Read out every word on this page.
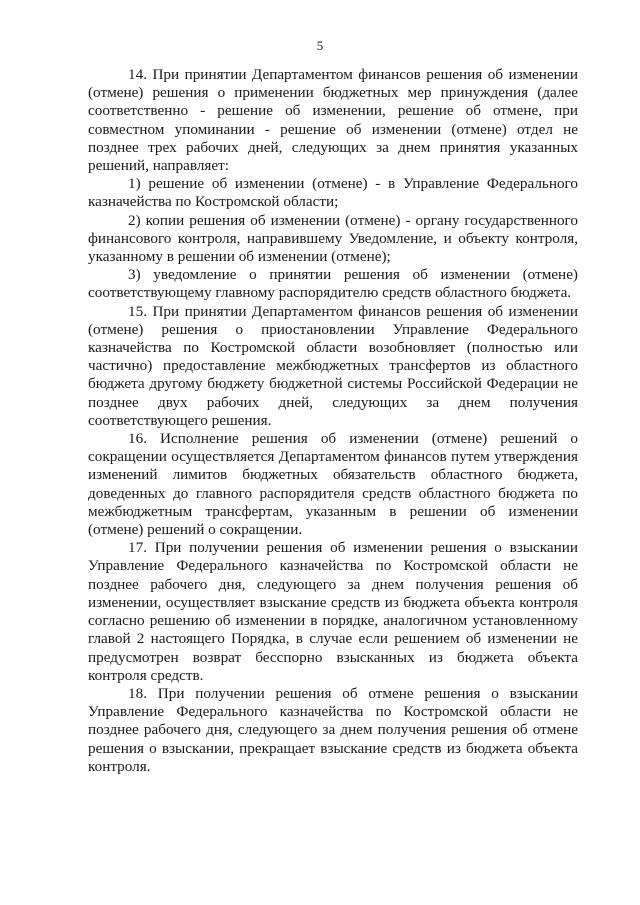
5

14. При принятии Департаментом финансов решения об изменении (отмене) решения о применении бюджетных мер принуждения (далее соответственно - решение об изменении, решение об отмене, при совместном упоминании - решение об изменении (отмене) отдел не позднее трех рабочих дней, следующих за днем принятия указанных решений, направляет:

1) решение об изменении (отмене) - в Управление Федерального казначейства по Костромской области;

2) копии решения об изменении (отмене) - органу государственного финансового контроля, направившему Уведомление, и объекту контроля, указанному в решении об изменении (отмене);

3) уведомление о принятии решения об изменении (отмене) соответствующему главному распорядителю средств областного бюджета.

15. При принятии Департаментом финансов решения об изменении (отмене) решения о приостановлении Управление Федерального казначейства по Костромской области возобновляет (полностью или частично) предоставление межбюджетных трансфертов из областного бюджета другому бюджету бюджетной системы Российской Федерации не позднее двух рабочих дней, следующих за днем получения соответствующего решения.

16. Исполнение решения об изменении (отмене) решений о сокращении осуществляется Департаментом финансов путем утверждения изменений лимитов бюджетных обязательств областного бюджета, доведенных до главного распорядителя средств областного бюджета по межбюджетным трансфертам, указанным в решении об изменении (отмене) решений о сокращении.

17. При получении решения об изменении решения о взыскании Управление Федерального казначейства по Костромской области не позднее рабочего дня, следующего за днем получения решения об изменении, осуществляет взыскание средств из бюджета объекта контроля согласно решению об изменении в порядке, аналогичном установленному главой 2 настоящего Порядка, в случае если решением об изменении не предусмотрен возврат бесспорно взысканных из бюджета объекта контроля средств.

18. При получении решения об отмене решения о взыскании Управление Федерального казначейства по Костромской области не позднее рабочего дня, следующего за днем получения решения об отмене решения о взыскании, прекращает взыскание средств из бюджета объекта контроля.
